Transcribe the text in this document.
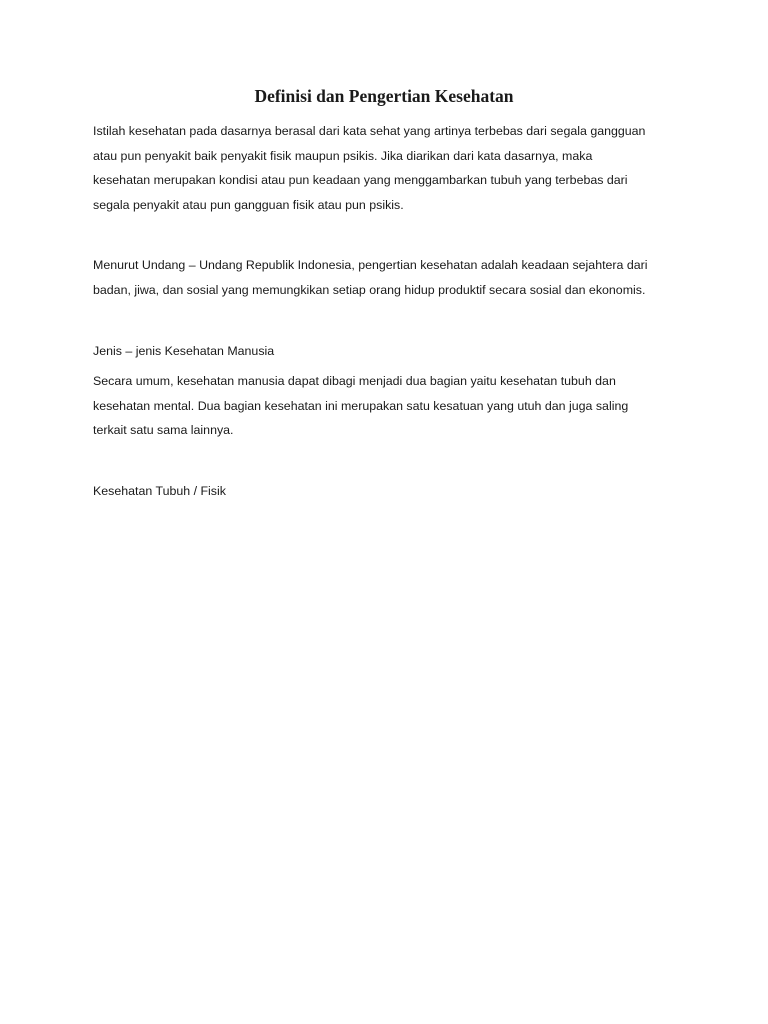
Definisi dan Pengertian Kesehatan

Istilah kesehatan pada dasarnya berasal dari kata sehat yang artinya terbebas dari segala gangguan
atau pun penyakit baik penyakit fisik maupun psikis. Jika diarikan dari kata dasarnya, maka
kesehatan merupakan kondisi atau pun keadaan yang menggambarkan tubuh yang terbebas dari
segala penyakit atau pun gangguan fisik atau pun psikis.

Menurut Undang – Undang Republik Indonesia, pengertian kesehatan adalah keadaan sejahtera dari
badan, jiwa, dan sosial yang memungkikan setiap orang hidup produktif secara sosial dan ekonomis.

Jenis – jenis Kesehatan Manusia

Secara umum, kesehatan manusia dapat dibagi menjadi dua bagian yaitu kesehatan tubuh dan
kesehatan mental. Dua bagian kesehatan ini merupakan satu kesatuan yang utuh dan juga saling
terkait satu sama lainnya.

Kesehatan Tubuh / Fisik
